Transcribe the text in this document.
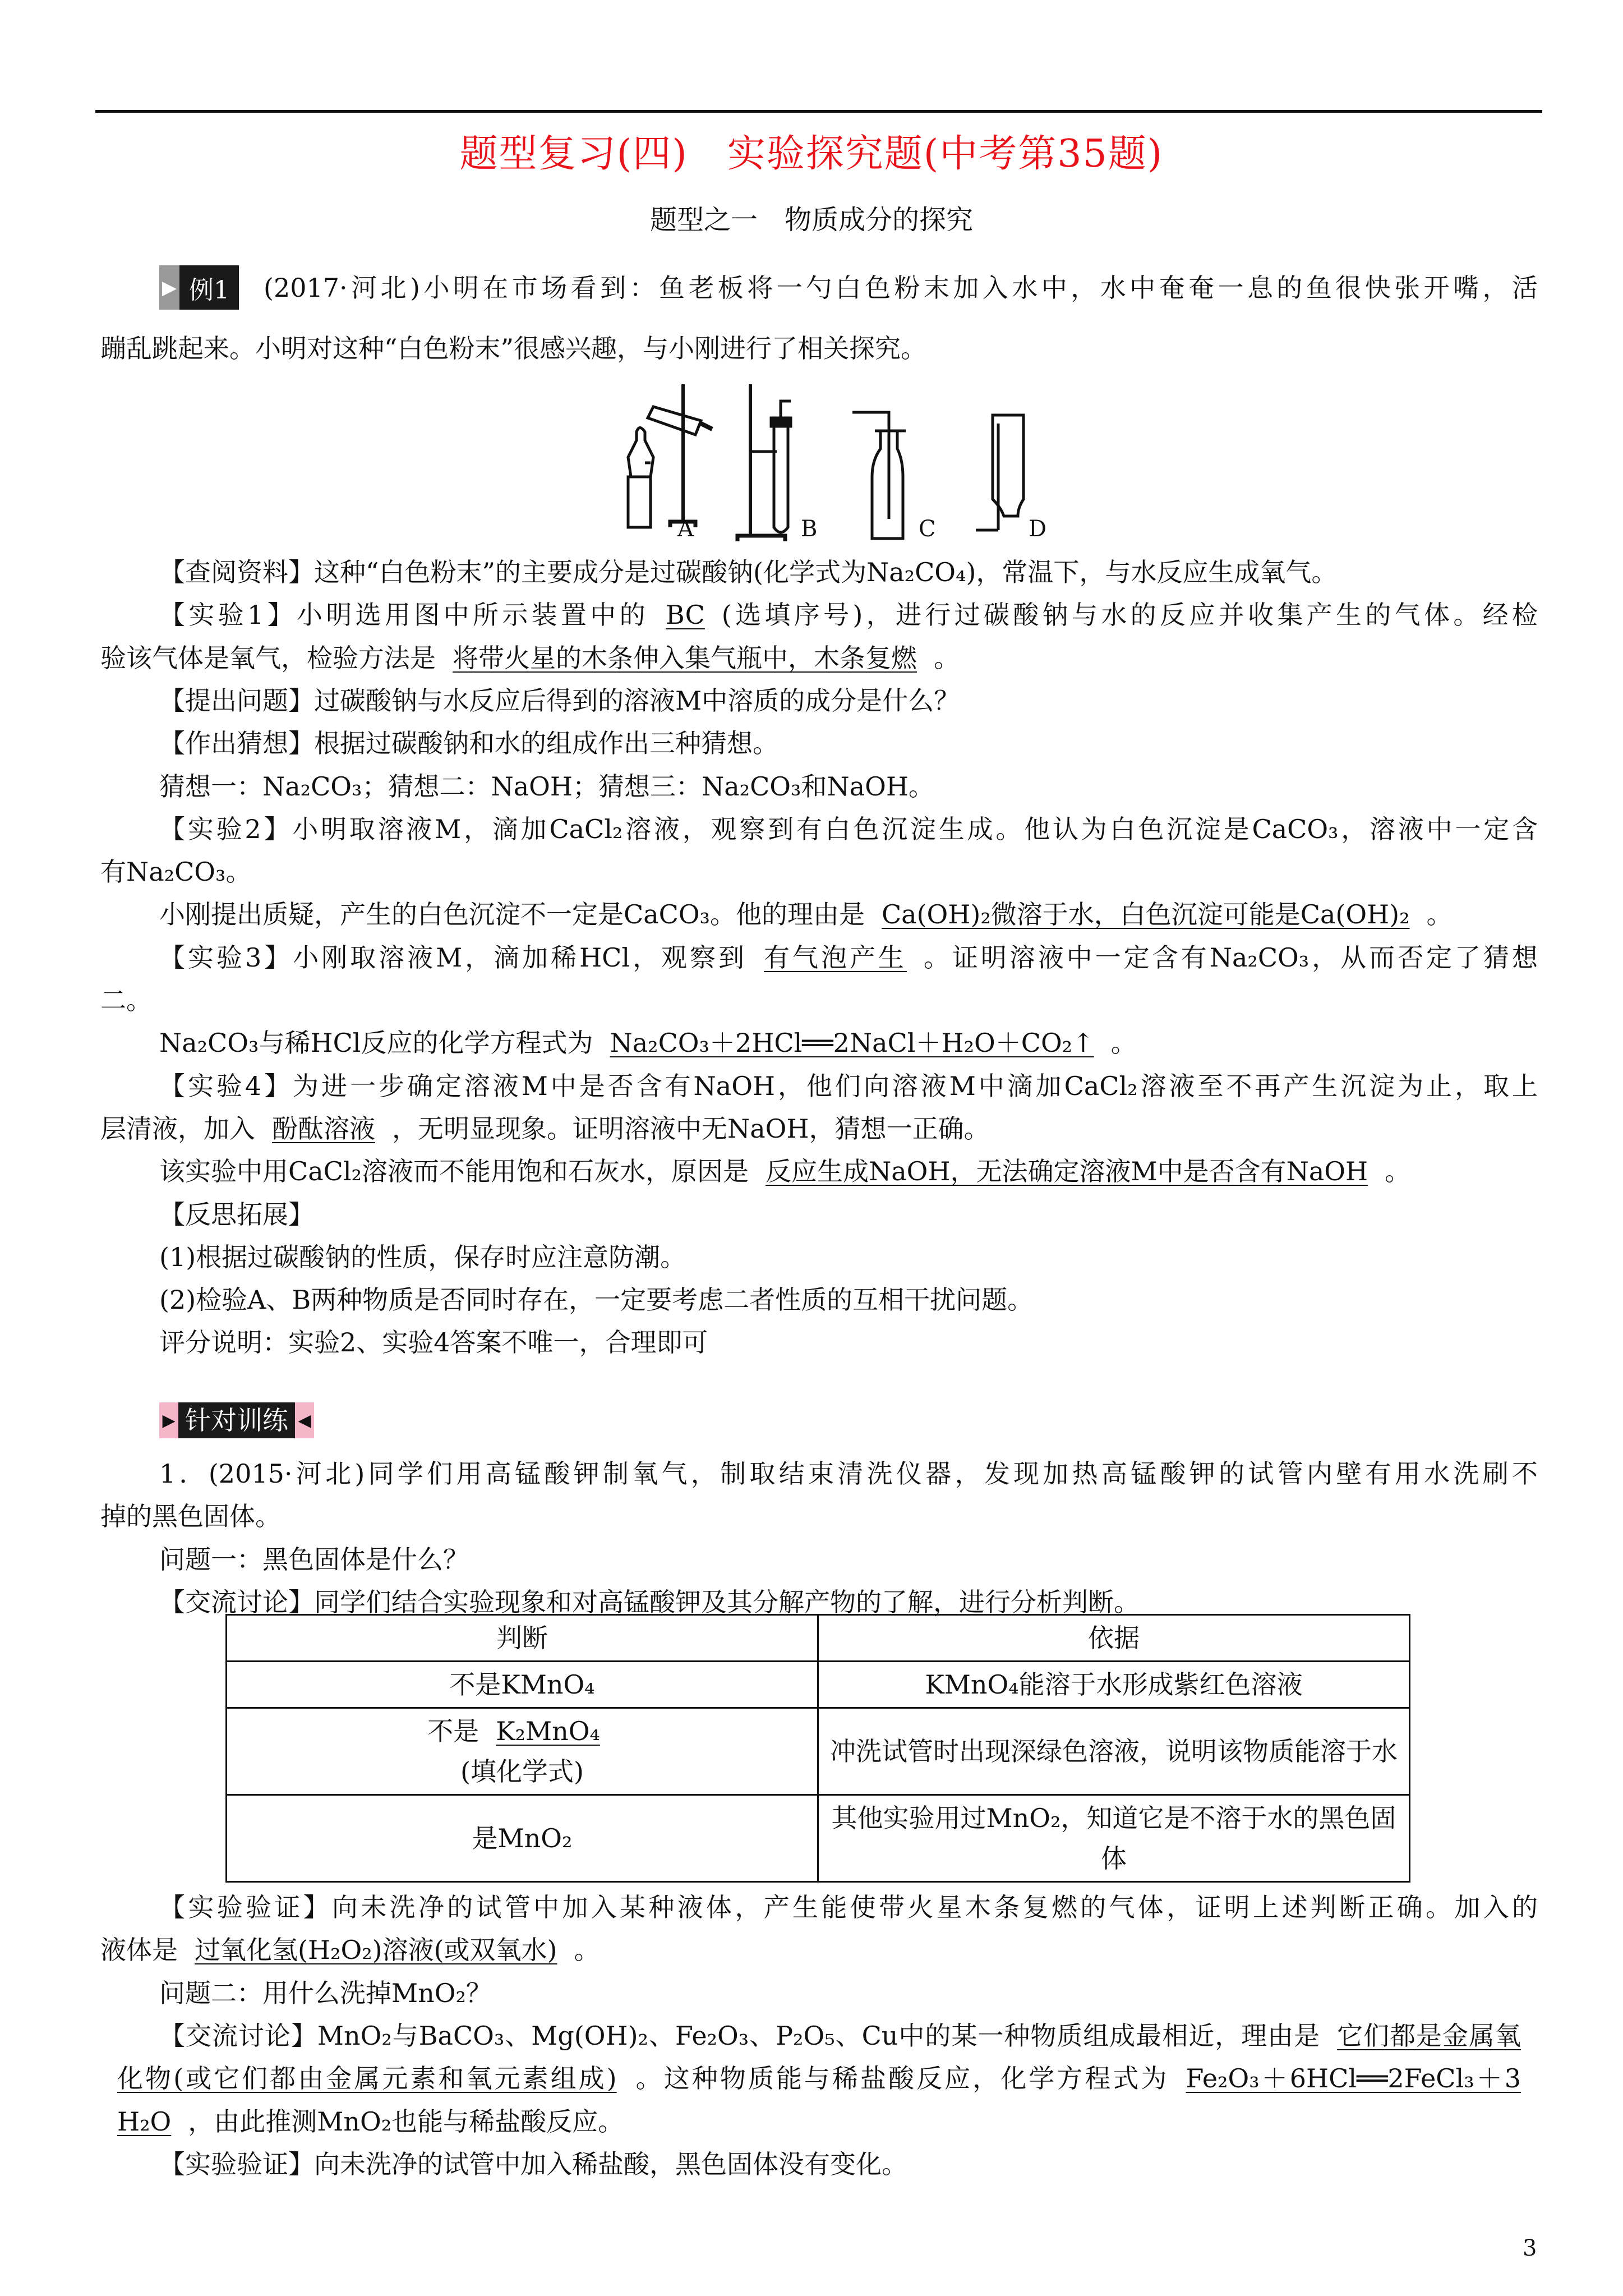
题型复习(四)　实验探究题(中考第35题)
题型之一　物质成分的探究
▶ 例1	(2017·河北)小明在市场看到：鱼老板将一勺白色粉末加入水中，水中奄奄一息的鱼很快张开嘴，活
蹦乱跳起来。小明对这种“白色粉末”很感兴趣，与小刚进行了相关探究。
A	B	C	D
【查阅资料】这种“白色粉末”的主要成分是过碳酸钠(化学式为Na₂CO₄)，常温下，与水反应生成氧气。
【实验1】小明选用图中所示装置中的 BC (选填序号)，进行过碳酸钠与水的反应并收集产生的气体。经检
验该气体是氧气，检验方法是 将带火星的木条伸入集气瓶中，木条复燃 。
【提出问题】过碳酸钠与水反应后得到的溶液M中溶质的成分是什么？
【作出猜想】根据过碳酸钠和水的组成作出三种猜想。
猜想一：Na₂CO₃；猜想二：NaOH；猜想三：Na₂CO₃和NaOH。
【实验2】小明取溶液M，滴加CaCl₂溶液，观察到有白色沉淀生成。他认为白色沉淀是CaCO₃，溶液中一定含
有Na₂CO₃。
小刚提出质疑，产生的白色沉淀不一定是CaCO₃。他的理由是 Ca(OH)₂微溶于水，白色沉淀可能是Ca(OH)₂ 。
【实验3】小刚取溶液M，滴加稀HCl，观察到 有气泡产生 。证明溶液中一定含有Na₂CO₃，从而否定了猜想
二。
Na₂CO₃与稀HCl反应的化学方程式为 Na₂CO₃＋2HCl══2NaCl＋H₂O＋CO₂↑ 。
【实验4】为进一步确定溶液M中是否含有NaOH，他们向溶液M中滴加CaCl₂溶液至不再产生沉淀为止，取上
层清液，加入 酚酞溶液 ，无明显现象。证明溶液中无NaOH，猜想一正确。
该实验中用CaCl₂溶液而不能用饱和石灰水，原因是 反应生成NaOH，无法确定溶液M中是否含有NaOH 。
【反思拓展】
(1)根据过碳酸钠的性质，保存时应注意防潮。
(2)检验A、B两种物质是否同时存在，一定要考虑二者性质的互相干扰问题。
评分说明：实验2、实验4答案不唯一，合理即可
▶ 针对训练 ◀
1．(2015·河北)同学们用高锰酸钾制氧气，制取结束清洗仪器，发现加热高锰酸钾的试管内壁有用水洗刷不
掉的黑色固体。
问题一：黑色固体是什么？
【交流讨论】同学们结合实验现象和对高锰酸钾及其分解产物的了解，进行分析判断。
判断	依据
不是KMnO₄	KMnO₄能溶于水形成紫红色溶液
不是 K₂MnO₄
(填化学式)	冲洗试管时出现深绿色溶液，说明该物质能溶于水
是MnO₂	其他实验用过MnO₂，知道它是不溶于水的黑色固体
【实验验证】向未洗净的试管中加入某种液体，产生能使带火星木条复燃的气体，证明上述判断正确。加入的
液体是 过氧化氢(H₂O₂)溶液(或双氧水) 。
问题二：用什么洗掉MnO₂？
【交流讨论】MnO₂与BaCO₃、Mg(OH)₂、Fe₂O₃、P₂O₅、Cu中的某一种物质组成最相近，理由是 它们都是金属氧
化物(或它们都由金属元素和氧元素组成) 。这种物质能与稀盐酸反应，化学方程式为 Fe₂O₃＋6HCl══2FeCl₃＋3
H₂O ，由此推测MnO₂也能与稀盐酸反应。
【实验验证】向未洗净的试管中加入稀盐酸，黑色固体没有变化。
3
